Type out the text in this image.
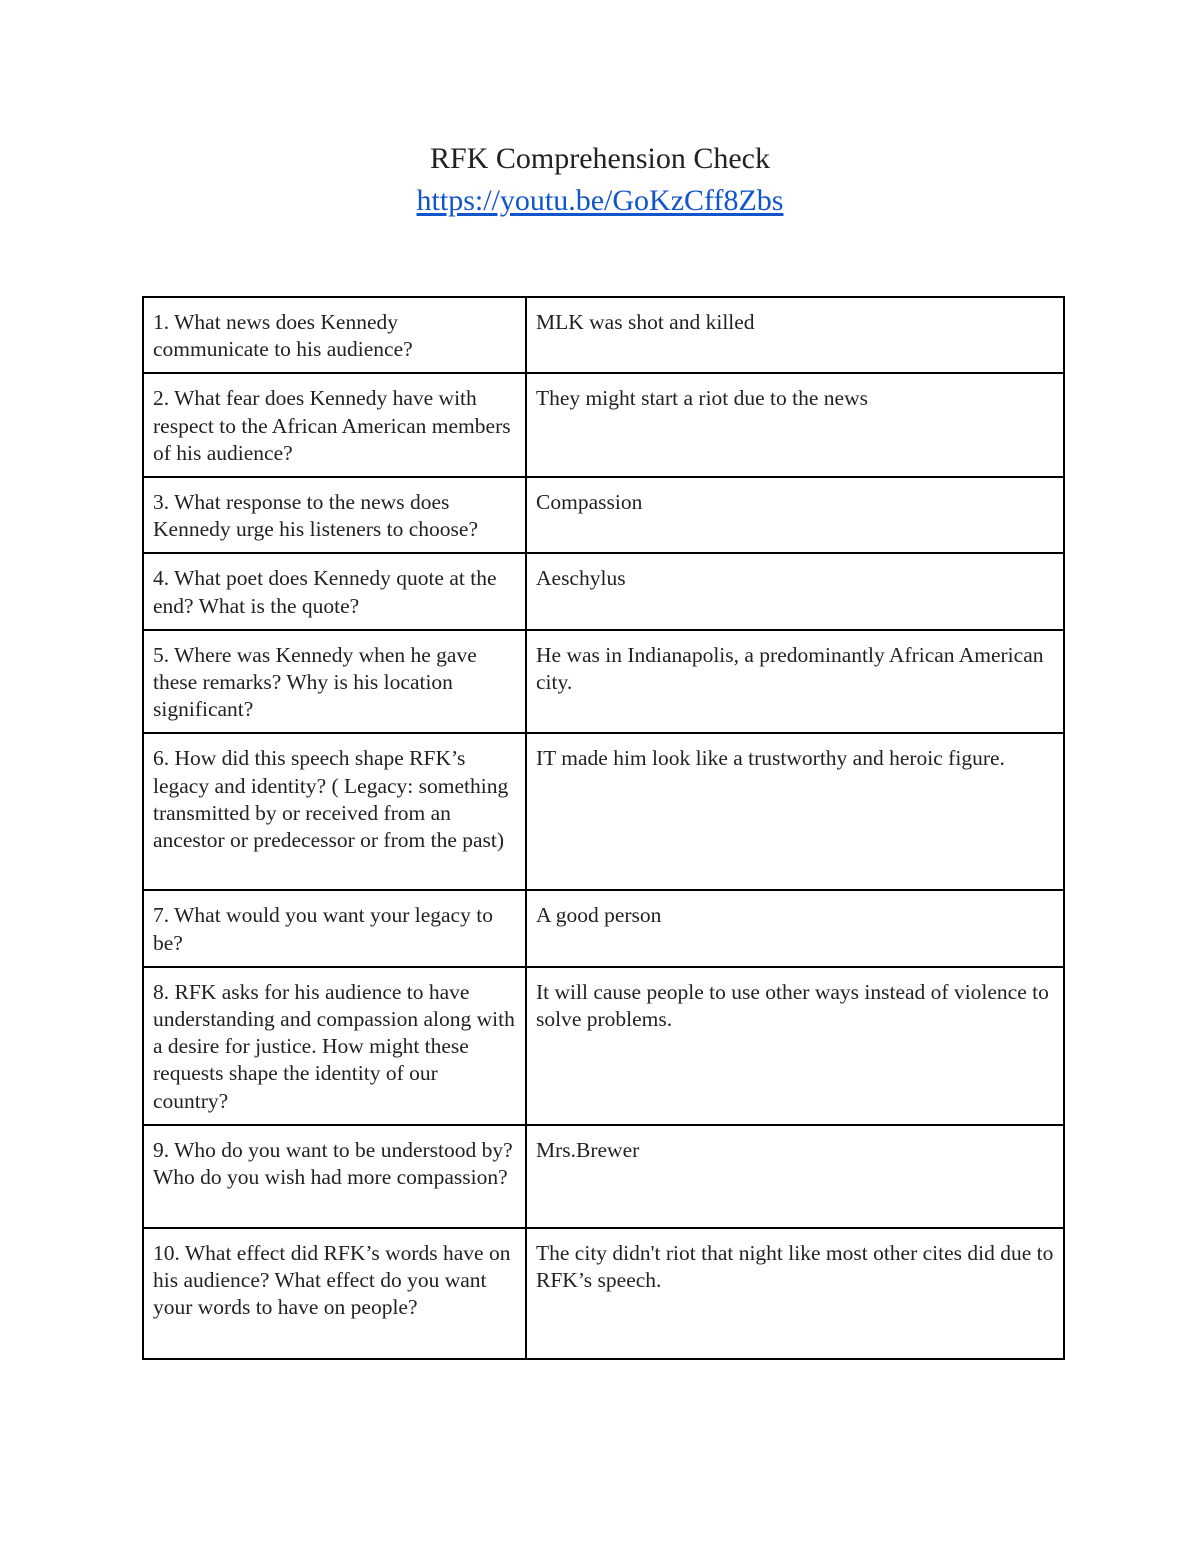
RFK Comprehension Check
https://youtu.be/GoKzCff8Zbs
1. What news does Kennedy communicate to his audience?	MLK was shot and killed
2. What fear does Kennedy have with respect to the African American members of his audience?	They might start a riot due to the news
3. What response to the news does Kennedy urge his listeners to choose?	Compassion
4. What poet does Kennedy quote at the end? What is the quote?	Aeschylus
5. Where was Kennedy when he gave these remarks? Why is his location significant?	He was in Indianapolis, a predominantly African American city.
6. How did this speech shape RFK’s legacy and identity? ( Legacy: something transmitted by or received from an ancestor or predecessor or from the past)	IT made him look like a trustworthy and heroic figure.
7. What would you want your legacy to be?	A good person
8. RFK asks for his audience to have understanding and compassion along with a desire for justice. How might these requests shape the identity of our country?	It will cause people to use other ways instead of violence to solve problems.
9. Who do you want to be understood by? Who do you wish had more compassion?	Mrs.Brewer
10. What effect did RFK’s words have on his audience? What effect do you want your words to have on people?	The city didn't riot that night like most other cites did due to RFK’s speech.
